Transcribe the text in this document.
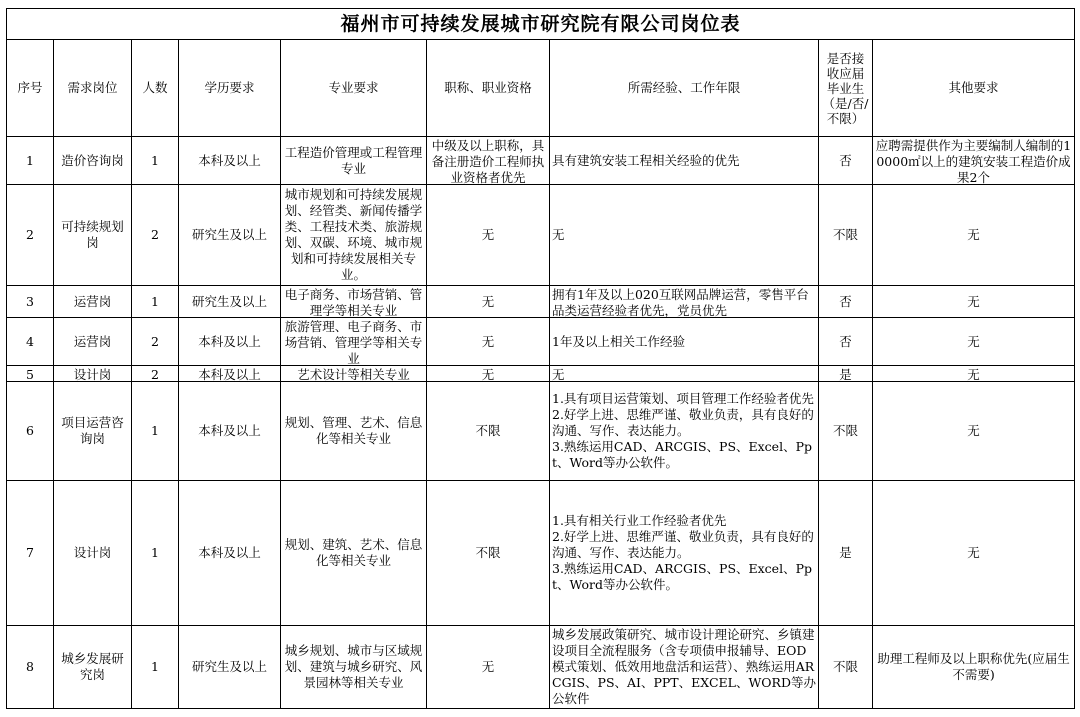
福州市可持续发展城市研究院有限公司岗位表								
序号	需求岗位	人数	学历要求	专业要求	职称、职业资格	所需经验、工作年限	是否接收应届毕业生（是/否/不限）	其他要求

1	造价咨询岗	1	本科及以上	工程造价管理或工程管理专业	中级及以上职称，具备注册造价工程师执业资格者优先	具有建筑安装工程相关经验的优先	否	应聘需提供作为主要编制人编制的10000㎡以上的建筑安装工程造价成果2个

2	可持续规划岗	2	研究生及以上	城市规划和可持续发展规划、经管类、新闻传播学类、工程技术类、旅游规划、双碳、环境、城市规划和可持续发展相关专业。	无	无	不限	无

3	运营岗	1	研究生及以上	电子商务、市场营销、管理学等相关专业	无	拥有1年及以上020互联网品牌运营，零售平台品类运营经验者优先，党员优先	否	无

4	运营岗	2	本科及以上	旅游管理、电子商务、市场营销、管理学等相关专业	无	1年及以上相关工作经验	否	无

5	设计岗	2	本科及以上	艺术设计等相关专业	无	无	是	无

6	项目运营咨询岗	1	本科及以上	规划、管理、艺术、信息化等相关专业	不限	1.具有项目运营策划、项目管理工作经验者优先
2.好学上进、思维严谨、敬业负责，具有良好的沟通、写作、表达能力。
3.熟练运用CAD、ARCGIS、PS、Excel、Ppt、Word等办公软件。	不限	无

7	设计岗	1	本科及以上	规划、建筑、艺术、信息化等相关专业	不限	1.具有相关行业工作经验者优先
2.好学上进、思维严谨、敬业负责，具有良好的沟通、写作、表达能力。
3.熟练运用CAD、ARCGIS、PS、Excel、Ppt、Word等办公软件。	是	无

8	城乡发展研究岗	1	研究生及以上	城乡规划、城市与区域规划、建筑与城乡研究、风景园林等相关专业	无	城乡发展政策研究、城市设计理论研究、乡镇建设项目全流程服务（含专项债申报辅导、EOD模式策划、低效用地盘活和运营）、熟练运用ARCGIS、PS、AI、PPT、EXCEL、WORD等办公软件	不限	助理工程师及以上职称优先(应届生不需要)
